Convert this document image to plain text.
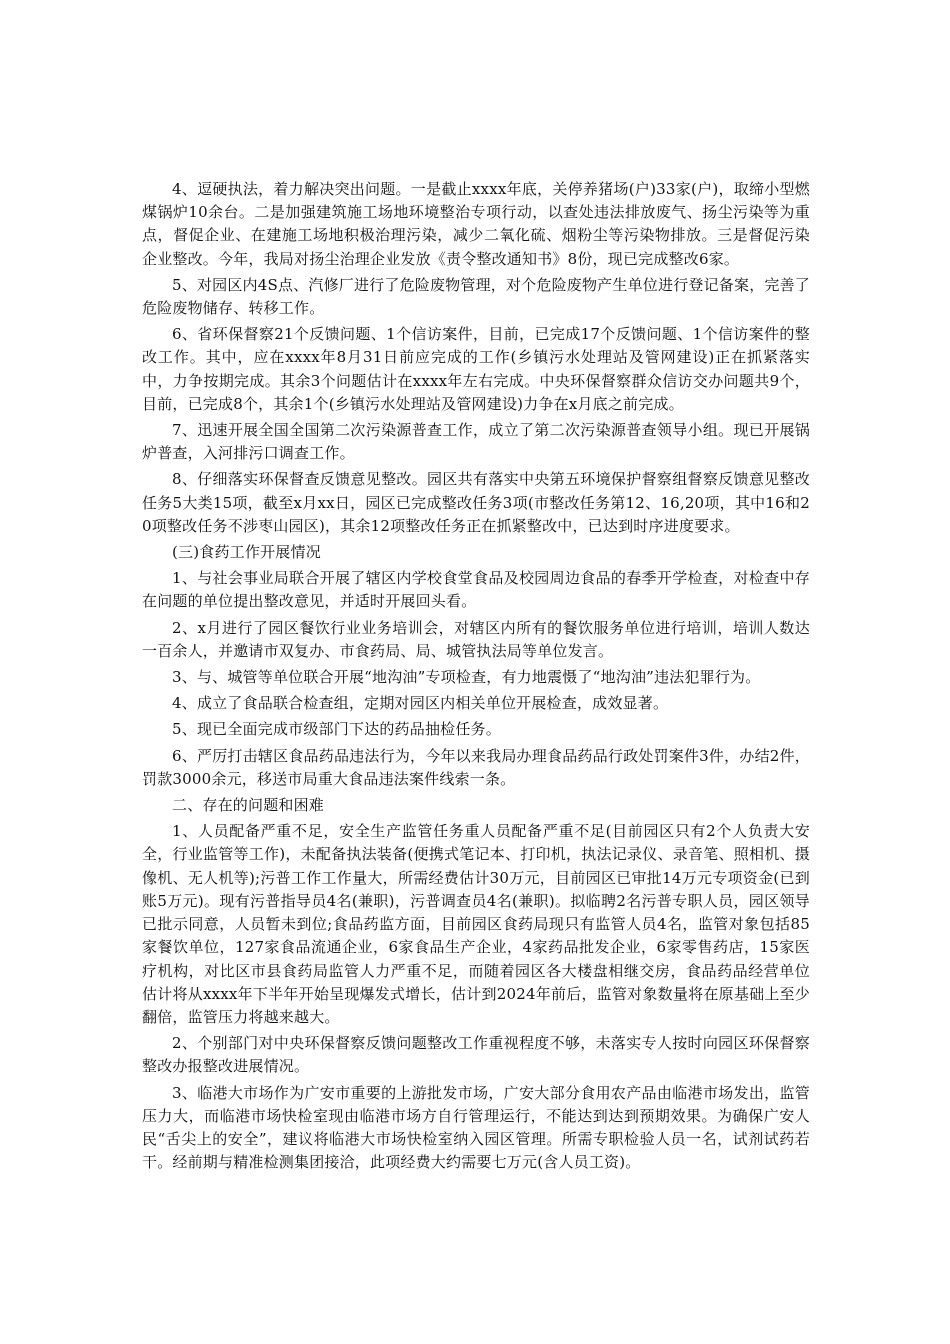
4、逗硬执法，着力解决突出问题。一是截止xxxx年底，关停养猪场(户)33家(户)，取缔小型燃煤锅炉10余台。二是加强建筑施工场地环境整治专项行动，以查处违法排放废气、扬尘污染等为重点，督促企业、在建施工场地积极治理污染，减少二氧化硫、烟粉尘等污染物排放。三是督促污染企业整改。今年，我局对扬尘治理企业发放《责令整改通知书》8份，现已完成整改6家。

5、对园区内4S点、汽修厂进行了危险废物管理，对个危险废物产生单位进行登记备案，完善了危险废物储存、转移工作。

6、省环保督察21个反馈问题、1个信访案件，目前，已完成17个反馈问题、1个信访案件的整改工作。其中，应在xxxx年8月31日前应完成的工作(乡镇污水处理站及管网建设)正在抓紧落实中，力争按期完成。其余3个问题估计在xxxx年左右完成。中央环保督察群众信访交办问题共9个，目前，已完成8个，其余1个(乡镇污水处理站及管网建设)力争在x月底之前完成。

7、迅速开展全国全国第二次污染源普查工作，成立了第二次污染源普查领导小组。现已开展锅炉普查，入河排污口调查工作。

8、仔细落实环保督查反馈意见整改。园区共有落实中央第五环境保护督察组督察反馈意见整改任务5大类15项，截至x月xx日，园区已完成整改任务3项(市整改任务第12、16,20项，其中16和20项整改任务不涉枣山园区)，其余12项整改任务正在抓紧整改中，已达到时序进度要求。

(三)食药工作开展情况

1、与社会事业局联合开展了辖区内学校食堂食品及校园周边食品的春季开学检查，对检查中存在问题的单位提出整改意见，并适时开展回头看。

2、x月进行了园区餐饮行业业务培训会，对辖区内所有的餐饮服务单位进行培训，培训人数达一百余人，并邀请市双复办、市食药局、局、城管执法局等单位发言。

3、与、城管等单位联合开展“地沟油”专项检查，有力地震慑了“地沟油”违法犯罪行为。

4、成立了食品联合检查组，定期对园区内相关单位开展检查，成效显著。

5、现已全面完成市级部门下达的药品抽检任务。

6、严厉打击辖区食品药品违法行为，今年以来我局办理食品药品行政处罚案件3件，办结2件，罚款3000余元，移送市局重大食品违法案件线索一条。

二、存在的问题和困难

1、人员配备严重不足，安全生产监管任务重人员配备严重不足(目前园区只有2个人负责大安全，行业监管等工作)，未配备执法装备(便携式笔记本、打印机，执法记录仪、录音笔、照相机、摄像机、无人机等);污普工作工作量大，所需经费估计30万元，目前园区已审批14万元专项资金(已到账5万元)。现有污普指导员4名(兼职)，污普调查员4名(兼职)。拟临聘2名污普专职人员，园区领导已批示同意，人员暂未到位;食品药监方面，目前园区食药局现只有监管人员4名，监管对象包括85家餐饮单位，127家食品流通企业，6家食品生产企业，4家药品批发企业，6家零售药店，15家医疗机构，对比区市县食药局监管人力严重不足，而随着园区各大楼盘相继交房，食品药品经营单位估计将从xxxx年下半年开始呈现爆发式增长，估计到2024年前后，监管对象数量将在原基础上至少翻倍，监管压力将越来越大。

2、个别部门对中央环保督察反馈问题整改工作重视程度不够，未落实专人按时向园区环保督察整改办报整改进展情况。

3、临港大市场作为广安市重要的上游批发市场，广安大部分食用农产品由临港市场发出，监管压力大，而临港市场快检室现由临港市场方自行管理运行，不能达到达到预期效果。为确保广安人民“舌尖上的安全”，建议将临港大市场快检室纳入园区管理。所需专职检验人员一名，试剂试药若干。经前期与精准检测集团接洽，此项经费大约需要七万元(含人员工资)。
